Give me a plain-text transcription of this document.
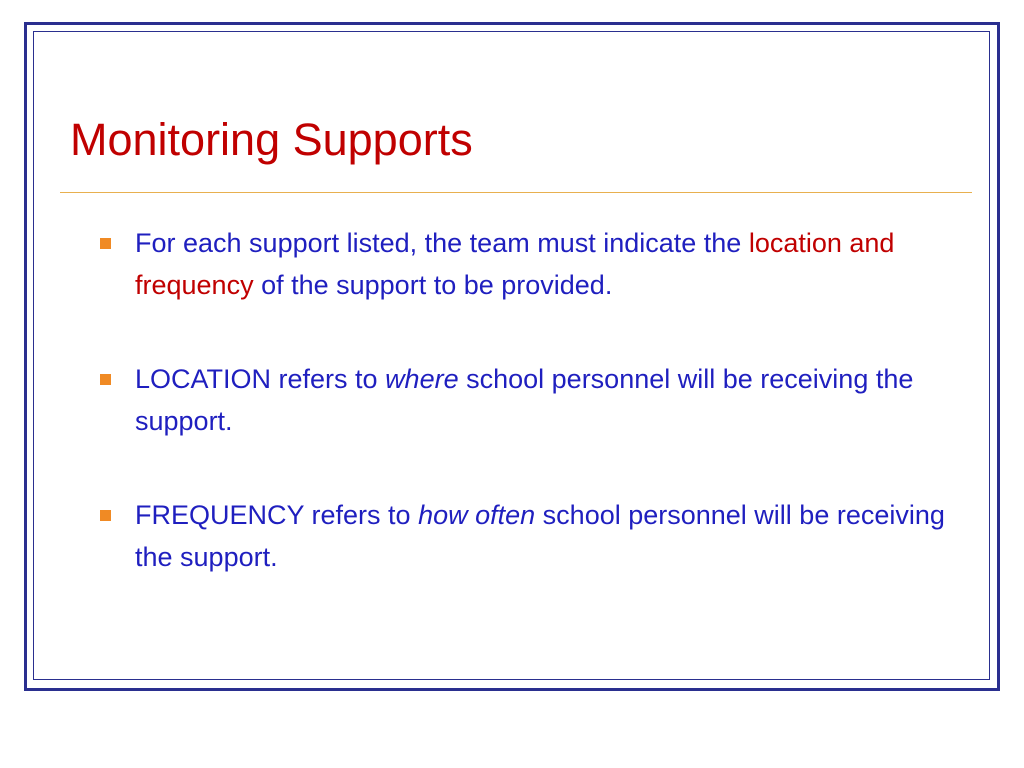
Monitoring Supports
For each support listed, the team must indicate the location and frequency of the support to be provided.
LOCATION refers to where school personnel will be receiving the support.
FREQUENCY refers to how often school personnel will be receiving the support.
